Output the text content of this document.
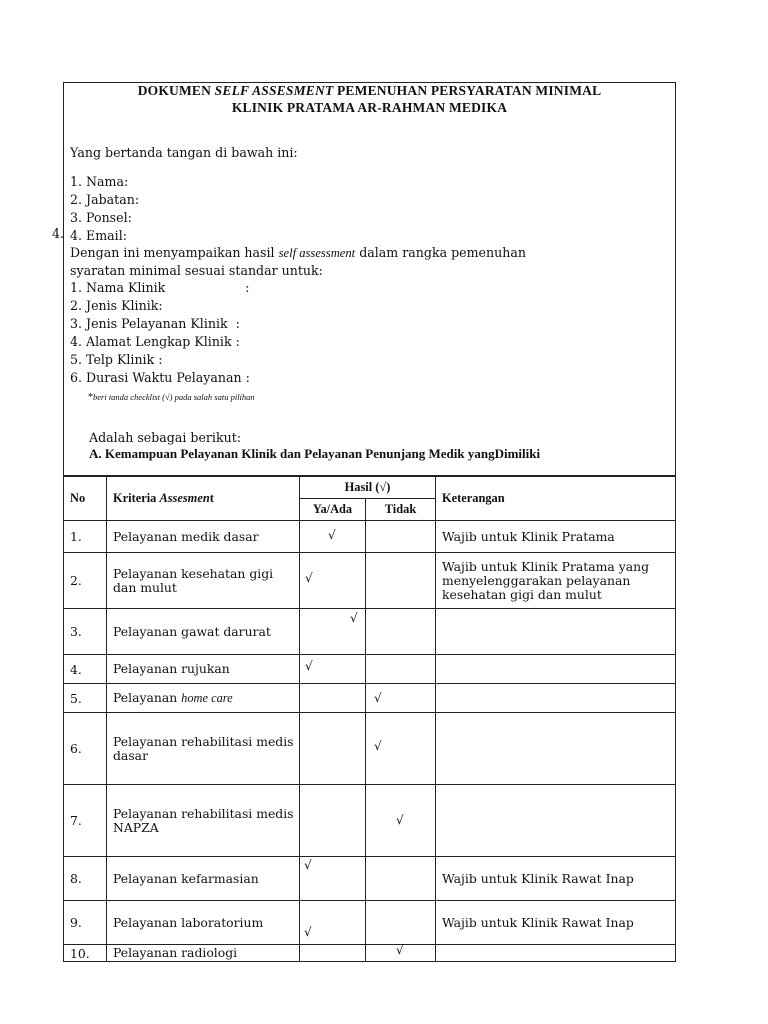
DOKUMEN SELF ASSESMENT PEMENUHAN PERSYARATAN MINIMAL
KLINIK PRATAMA AR-RAHMAN MEDIKA
Yang bertanda tangan di bawah ini:
1. Nama:
2. Jabatan:
3. Ponsel:
4. Email:
4.
Dengan ini menyampaikan hasil self assessment dalam rangka pemenuhan
syaratan minimal sesuai standar untuk:
1. Nama Klinik                    :
2. Jenis Klinik:
3. Jenis Pelayanan Klinik  :
4. Alamat Lengkap Klinik :
5. Telp Klinik :
6. Durasi Waktu Pelayanan :
*beri tanda checklist (√) pada salah satu pilihan
Adalah sebagai berikut:
A. Kemampuan Pelayanan Klinik dan Pelayanan Penunjang Medik yangDimiliki
No	Kriteria Assesment	Hasil (√)		Keterangan
		Ya/Ada	Tidak	
1.	Pelayanan medik dasar	√		Wajib untuk Klinik Pratama
2.	Pelayanan kesehatan gigi dan mulut	√		Wajib untuk Klinik Pratama yang menyelenggarakan pelayanan kesehatan gigi dan mulut
3.	Pelayanan gawat darurat	√		

4.	Pelayanan rujukan	√		

5.	Pelayanan home care		√	

6.	Pelayanan rehabilitasi medis dasar		√	

7.	Pelayanan rehabilitasi medis NAPZA		√	

8.	Pelayanan kefarmasian	√		Wajib untuk Klinik Rawat Inap
9.	Pelayanan laboratorium	√		Wajib untuk Klinik Rawat Inap
10.	Pelayanan radiologi		√	
